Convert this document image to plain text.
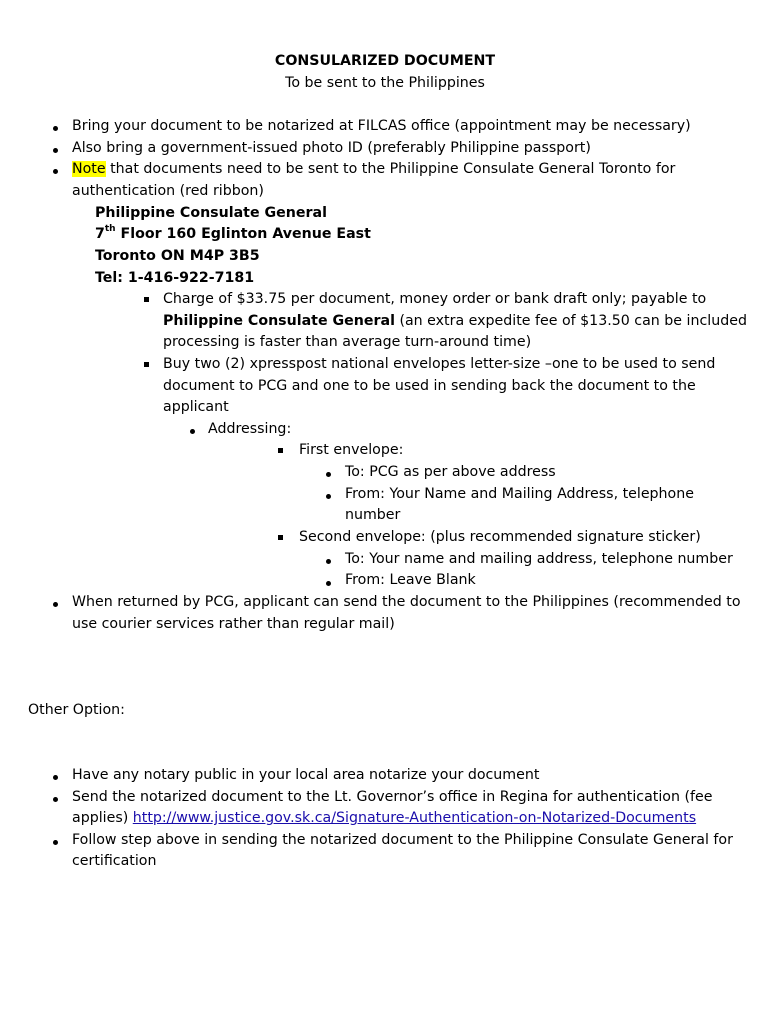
CONSULARIZED DOCUMENT
To be sent to the Philippines
Bring your document to be notarized at FILCAS office (appointment may be necessary)
Also bring a government-issued photo ID (preferably Philippine passport)
Note that documents need to be sent to the Philippine Consulate General Toronto for
authentication (red ribbon)
Philippine Consulate General
7th Floor 160 Eglinton Avenue East
Toronto ON M4P 3B5
Tel: 1-416-922-7181
Charge of $33.75 per document, money order or bank draft only; payable to
Philippine Consulate General (an extra expedite fee of $13.50 can be included
processing is faster than average turn-around time)
Buy two (2) xpresspost national envelopes letter-size –one to be used to send
document to PCG and one to be used in sending back the document to the
applicant
Addressing:
First envelope:
To: PCG as per above address
From: Your Name and Mailing Address, telephone
number
Second envelope: (plus recommended signature sticker)
To: Your name and mailing address, telephone number
From: Leave Blank
When returned by PCG, applicant can send the document to the Philippines (recommended to
use courier services rather than regular mail)
Other Option:
Have any notary public in your local area notarize your document
Send the notarized document to the Lt. Governor’s office in Regina for authentication (fee
applies) http://www.justice.gov.sk.ca/Signature-Authentication-on-Notarized-Documents
Follow step above in sending the notarized document to the Philippine Consulate General for
certification
